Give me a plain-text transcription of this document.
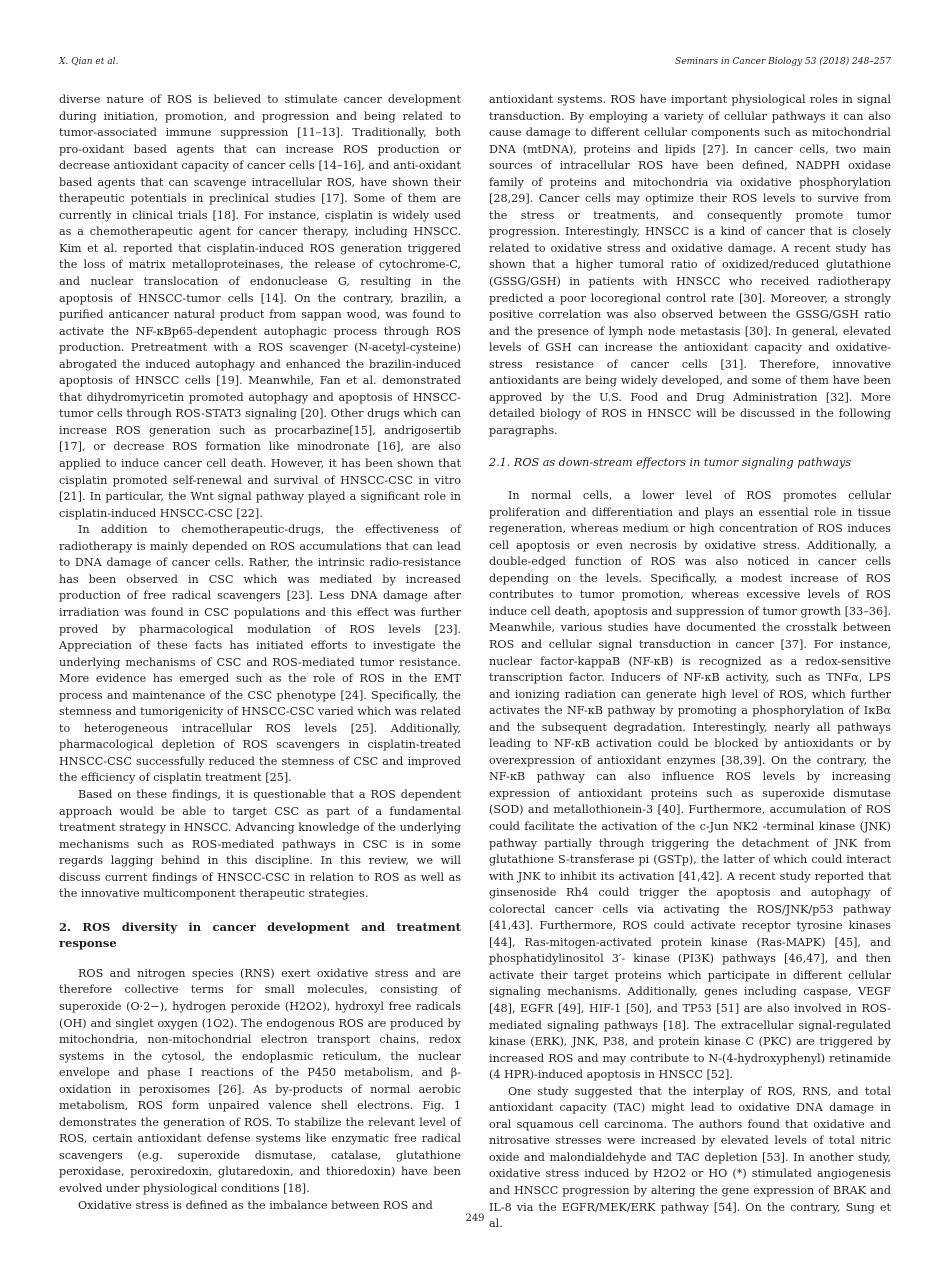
X. Qian et al.	Seminars in Cancer Biology 53 (2018) 248–257

diverse nature of ROS is believed to stimulate cancer development during initiation, promotion, and progression and being related to tumor-associated immune suppression [11–13]. Traditionally, both pro-oxidant based agents that can increase ROS production or decrease antioxidant capacity of cancer cells [14–16], and anti-oxidant based agents that can scavenge intracellular ROS, have shown their therapeutic potentials in preclinical studies [17]. Some of them are currently in clinical trials [18]. For instance, cisplatin is widely used as a chemotherapeutic agent for cancer therapy, including HNSCC. Kim et al. reported that cisplatin-induced ROS generation triggered the loss of matrix metalloproteinases, the release of cytochrome-C, and nuclear translocation of endonuclease G, resulting in the apoptosis of HNSCC-tumor cells [14]. On the contrary, brazilin, a purified anticancer natural product from sappan wood, was found to activate the NF-κBp65-dependent autophagic process through ROS production. Pretreatment with a ROS scavenger (N-acetyl-cysteine) abrogated the induced autophagy and enhanced the brazilin-induced apoptosis of HNSCC cells [19]. Meanwhile, Fan et al. demonstrated that dihydromyricetin promoted autophagy and apoptosis of HNSCC-tumor cells through ROS-STAT3 signaling [20]. Other drugs which can increase ROS generation such as procarbazine[15], andrigosertib [17], or decrease ROS formation like minodronate [16], are also applied to induce cancer cell death. However, it has been shown that cisplatin promoted self-renewal and survival of HNSCC-CSC in vitro [21]. In particular, the Wnt signal pathway played a significant role in cisplatin-induced HNSCC-CSC [22].

In addition to chemotherapeutic-drugs, the effectiveness of radiotherapy is mainly depended on ROS accumulations that can lead to DNA damage of cancer cells. Rather, the intrinsic radio-resistance has been observed in CSC which was mediated by increased production of free radical scavengers [23]. Less DNA damage after irradiation was found in CSC populations and this effect was further proved by pharmacological modulation of ROS levels [23]. Appreciation of these facts has initiated efforts to investigate the underlying mechanisms of CSC and ROS-mediated tumor resistance. More evidence has emerged such as the role of ROS in the EMT process and maintenance of the CSC phenotype [24]. Specifically, the stemness and tumorigenicity of HNSCC-CSC varied which was related to heterogeneous intracellular ROS levels [25]. Additionally, pharmacological depletion of ROS scavengers in cisplatin-treated HNSCC-CSC successfully reduced the stemness of CSC and improved the efficiency of cisplatin treatment [25].

Based on these findings, it is questionable that a ROS dependent approach would be able to target CSC as part of a fundamental treatment strategy in HNSCC. Advancing knowledge of the underlying mechanisms such as ROS-mediated pathways in CSC is in some regards lagging behind in this discipline. In this review, we will discuss current findings of HNSCC-CSC in relation to ROS as well as the innovative multicomponent therapeutic strategies.

2. ROS diversity in cancer development and treatment response

ROS and nitrogen species (RNS) exert oxidative stress and are therefore collective terms for small molecules, consisting of superoxide (O·2−), hydrogen peroxide (H2O2), hydroxyl free radicals (OH) and singlet oxygen (1O2). The endogenous ROS are produced by mitochondria, non-mitochondrial electron transport chains, redox systems in the cytosol, the endoplasmic reticulum, the nuclear envelope and phase I reactions of the P450 metabolism, and β-oxidation in peroxisomes [26]. As by-products of normal aerobic metabolism, ROS form unpaired valence shell electrons. Fig. 1 demonstrates the generation of ROS. To stabilize the relevant level of ROS, certain antioxidant defense systems like enzymatic free radical scavengers (e.g. superoxide dismutase, catalase, glutathione peroxidase, peroxiredoxin, glutaredoxin, and thioredoxin) have been evolved under physiological conditions [18].

Oxidative stress is defined as the imbalance between ROS and

antioxidant systems. ROS have important physiological roles in signal transduction. By employing a variety of cellular pathways it can also cause damage to different cellular components such as mitochondrial DNA (mtDNA), proteins and lipids [27]. In cancer cells, two main sources of intracellular ROS have been defined, NADPH oxidase family of proteins and mitochondria via oxidative phosphorylation [28,29]. Cancer cells may optimize their ROS levels to survive from the stress or treatments, and consequently promote tumor progression. Interestingly, HNSCC is a kind of cancer that is closely related to oxidative stress and oxidative damage. A recent study has shown that a higher tumoral ratio of oxidized/reduced glutathione (GSSG/GSH) in patients with HNSCC who received radiotherapy predicted a poor locoregional control rate [30]. Moreover, a strongly positive correlation was also observed between the GSSG/GSH ratio and the presence of lymph node metastasis [30]. In general, elevated levels of GSH can increase the antioxidant capacity and oxidative-stress resistance of cancer cells [31]. Therefore, innovative antioxidants are being widely developed, and some of them have been approved by the U.S. Food and Drug Administration [32]. More detailed biology of ROS in HNSCC will be discussed in the following paragraphs.

2.1. ROS as down-stream effectors in tumor signaling pathways

In normal cells, a lower level of ROS promotes cellular proliferation and differentiation and plays an essential role in tissue regeneration, whereas medium or high concentration of ROS induces cell apoptosis or even necrosis by oxidative stress. Additionally, a double-edged function of ROS was also noticed in cancer cells depending on the levels. Specifically, a modest increase of ROS contributes to tumor promotion, whereas excessive levels of ROS induce cell death, apoptosis and suppression of tumor growth [33–36]. Meanwhile, various studies have documented the crosstalk between ROS and cellular signal transduction in cancer [37]. For instance, nuclear factor-kappaB (NF-κB) is recognized as a redox-sensitive transcription factor. Inducers of NF-κB activity, such as TNFα, LPS and ionizing radiation can generate high level of ROS, which further activates the NF-κB pathway by promoting a phosphorylation of IκBα and the subsequent degradation. Interestingly, nearly all pathways leading to NF-κB activation could be blocked by antioxidants or by overexpression of antioxidant enzymes [38,39]. On the contrary, the NF-κB pathway can also influence ROS levels by increasing expression of antioxidant proteins such as superoxide dismutase (SOD) and metallothionein-3 [40]. Furthermore, accumulation of ROS could facilitate the activation of the c-Jun NK2 -terminal kinase (JNK) pathway partially through triggering the detachment of JNK from glutathione S-transferase pi (GSTp), the latter of which could interact with JNK to inhibit its activation [41,42]. A recent study reported that ginsenoside Rh4 could trigger the apoptosis and autophagy of colorectal cancer cells via activating the ROS/JNK/p53 pathway [41,43]. Furthermore, ROS could activate receptor tyrosine kinases [44], Ras-mitogen-activated protein kinase (Ras-MAPK) [45], and phosphatidylinositol 3′- kinase (PI3K) pathways [46,47], and then activate their target proteins which participate in different cellular signaling mechanisms. Additionally, genes including caspase, VEGF [48], EGFR [49], HIF-1 [50], and TP53 [51] are also involved in ROS-mediated signaling pathways [18]. The extracellular signal-regulated kinase (ERK), JNK, P38, and protein kinase C (PKC) are triggered by increased ROS and may contribute to N-(4-hydroxyphenyl) retinamide (4 HPR)-induced apoptosis in HNSCC [52].

One study suggested that the interplay of ROS, RNS, and total antioxidant capacity (TAC) might lead to oxidative DNA damage in oral squamous cell carcinoma. The authors found that oxidative and nitrosative stresses were increased by elevated levels of total nitric oxide and malondialdehyde and TAC depletion [53]. In another study, oxidative stress induced by H2O2 or HO (*) stimulated angiogenesis and HNSCC progression by altering the gene expression of BRAK and IL-8 via the EGFR/MEK/ERK pathway [54]. On the contrary, Sung et al.

249
